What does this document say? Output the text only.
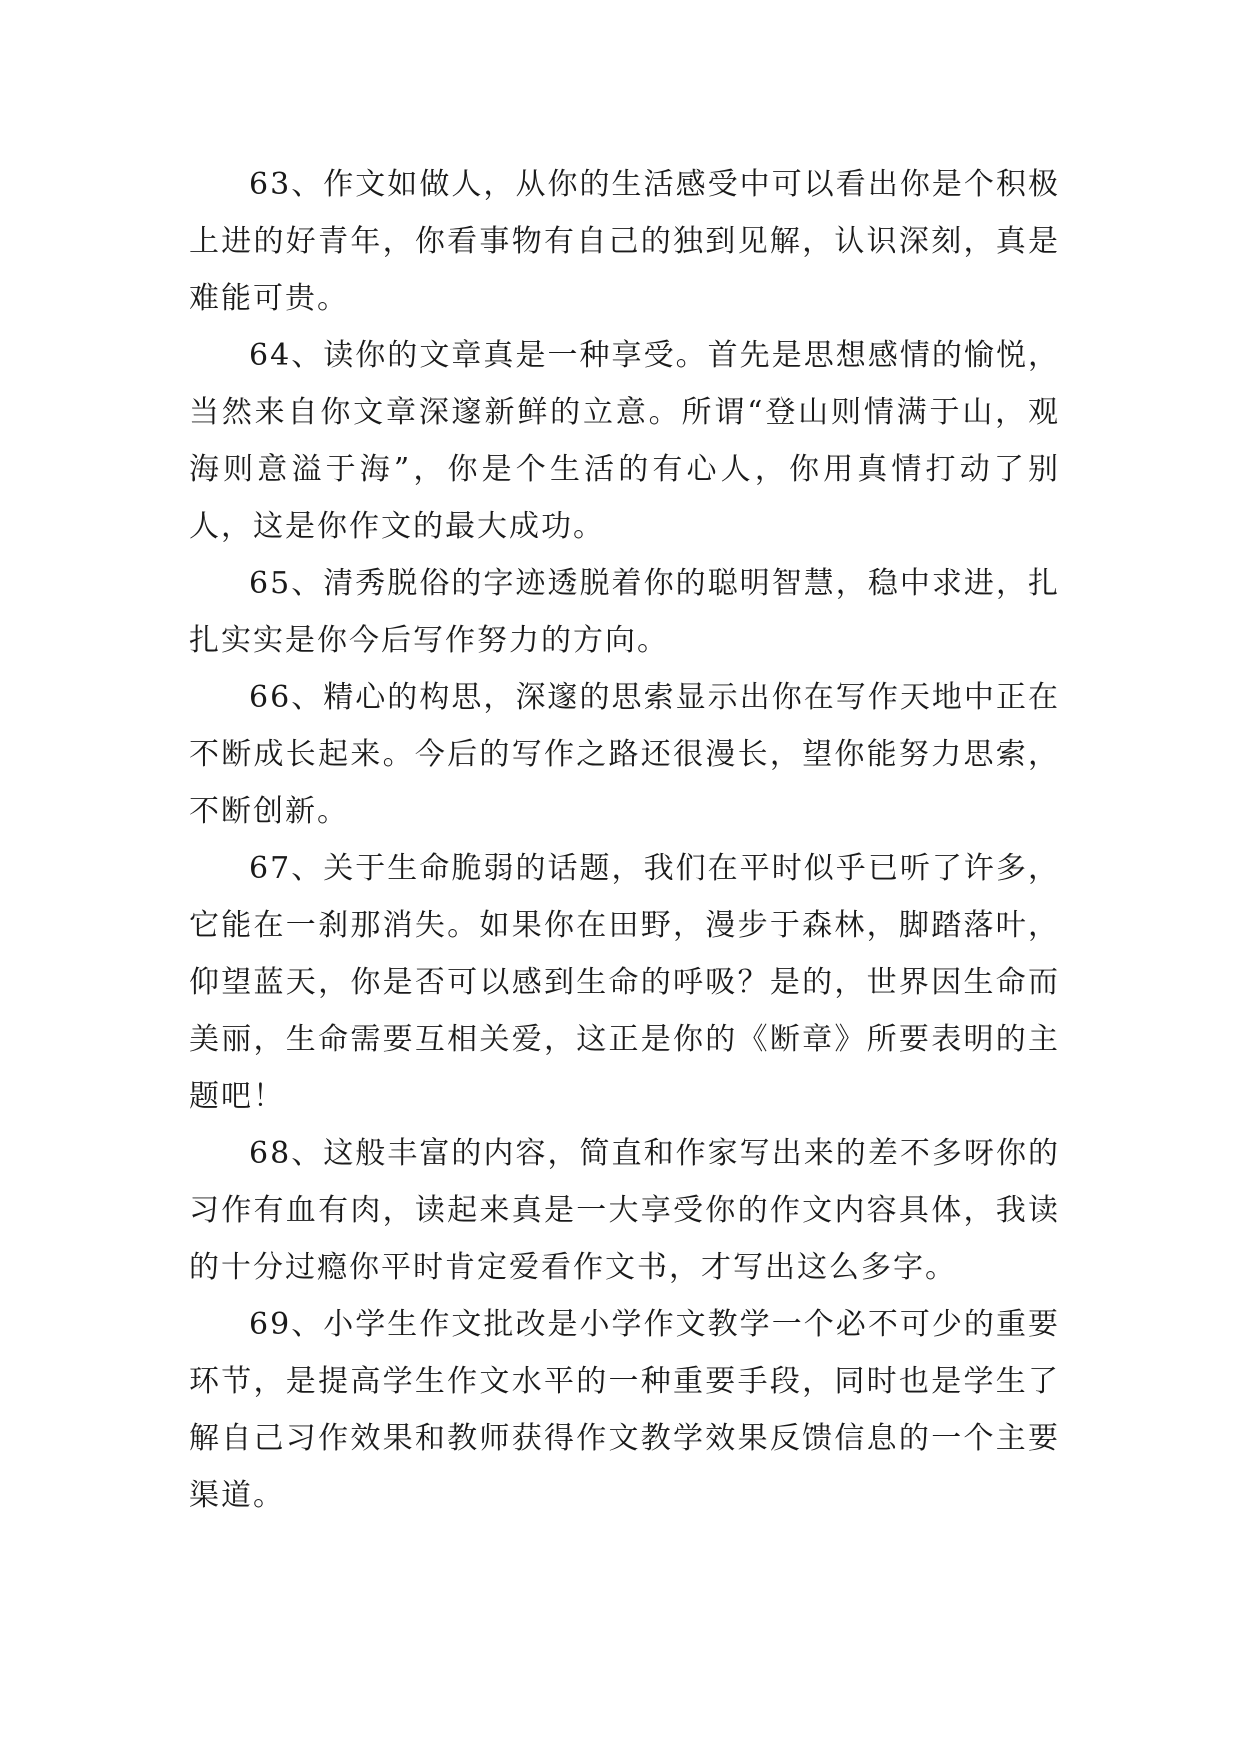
63、作文如做人，从你的生活感受中可以看出你是个积极上进的好青年，你看事物有自己的独到见解，认识深刻，真是难能可贵。

64、读你的文章真是一种享受。首先是思想感情的愉悦，当然来自你文章深邃新鲜的立意。所谓“登山则情满于山，观海则意溢于海”，你是个生活的有心人，你用真情打动了别人，这是你作文的最大成功。

65、清秀脱俗的字迹透脱着你的聪明智慧，稳中求进，扎扎实实是你今后写作努力的方向。

66、精心的构思，深邃的思索显示出你在写作天地中正在不断成长起来。今后的写作之路还很漫长，望你能努力思索，不断创新。

67、关于生命脆弱的话题，我们在平时似乎已听了许多，它能在一刹那消失。如果你在田野，漫步于森林，脚踏落叶，仰望蓝天，你是否可以感到生命的呼吸？是的，世界因生命而美丽，生命需要互相关爱，这正是你的《断章》所要表明的主题吧！

68、这般丰富的内容，简直和作家写出来的差不多呀你的习作有血有肉，读起来真是一大享受你的作文内容具体，我读的十分过瘾你平时肯定爱看作文书，才写出这么多字。

69、小学生作文批改是小学作文教学一个必不可少的重要环节，是提高学生作文水平的一种重要手段，同时也是学生了解自己习作效果和教师获得作文教学效果反馈信息的一个主要渠道。
